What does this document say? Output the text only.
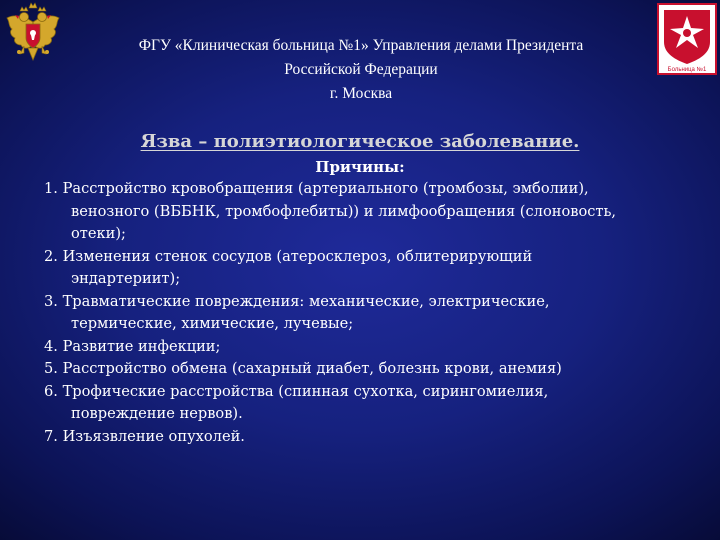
Больница №1
ФГУ «Клиническая больница №1» Управления делами Президента
Российской Федерации
г. Москва
Язва – полиэтиологическое заболевание.
Причины:
1. Расстройство кровобращения (артериального (тромбозы, эмболии),
венозного (ВББНК, тромбофлебиты)) и лимфообращения (слоновость,
отеки);
2. Изменения стенок сосудов (атеросклероз, облитерирующий
эндартериит);
3. Травматические повреждения: механические, электрические,
термические, химические, лучевые;
4. Развитие инфекции;
5. Расстройство обмена (сахарный диабет, болезнь крови, анемия)
6. Трофические расстройства (спинная сухотка, сирингомиелия,
повреждение нервов).
7. Изъязвление опухолей.
